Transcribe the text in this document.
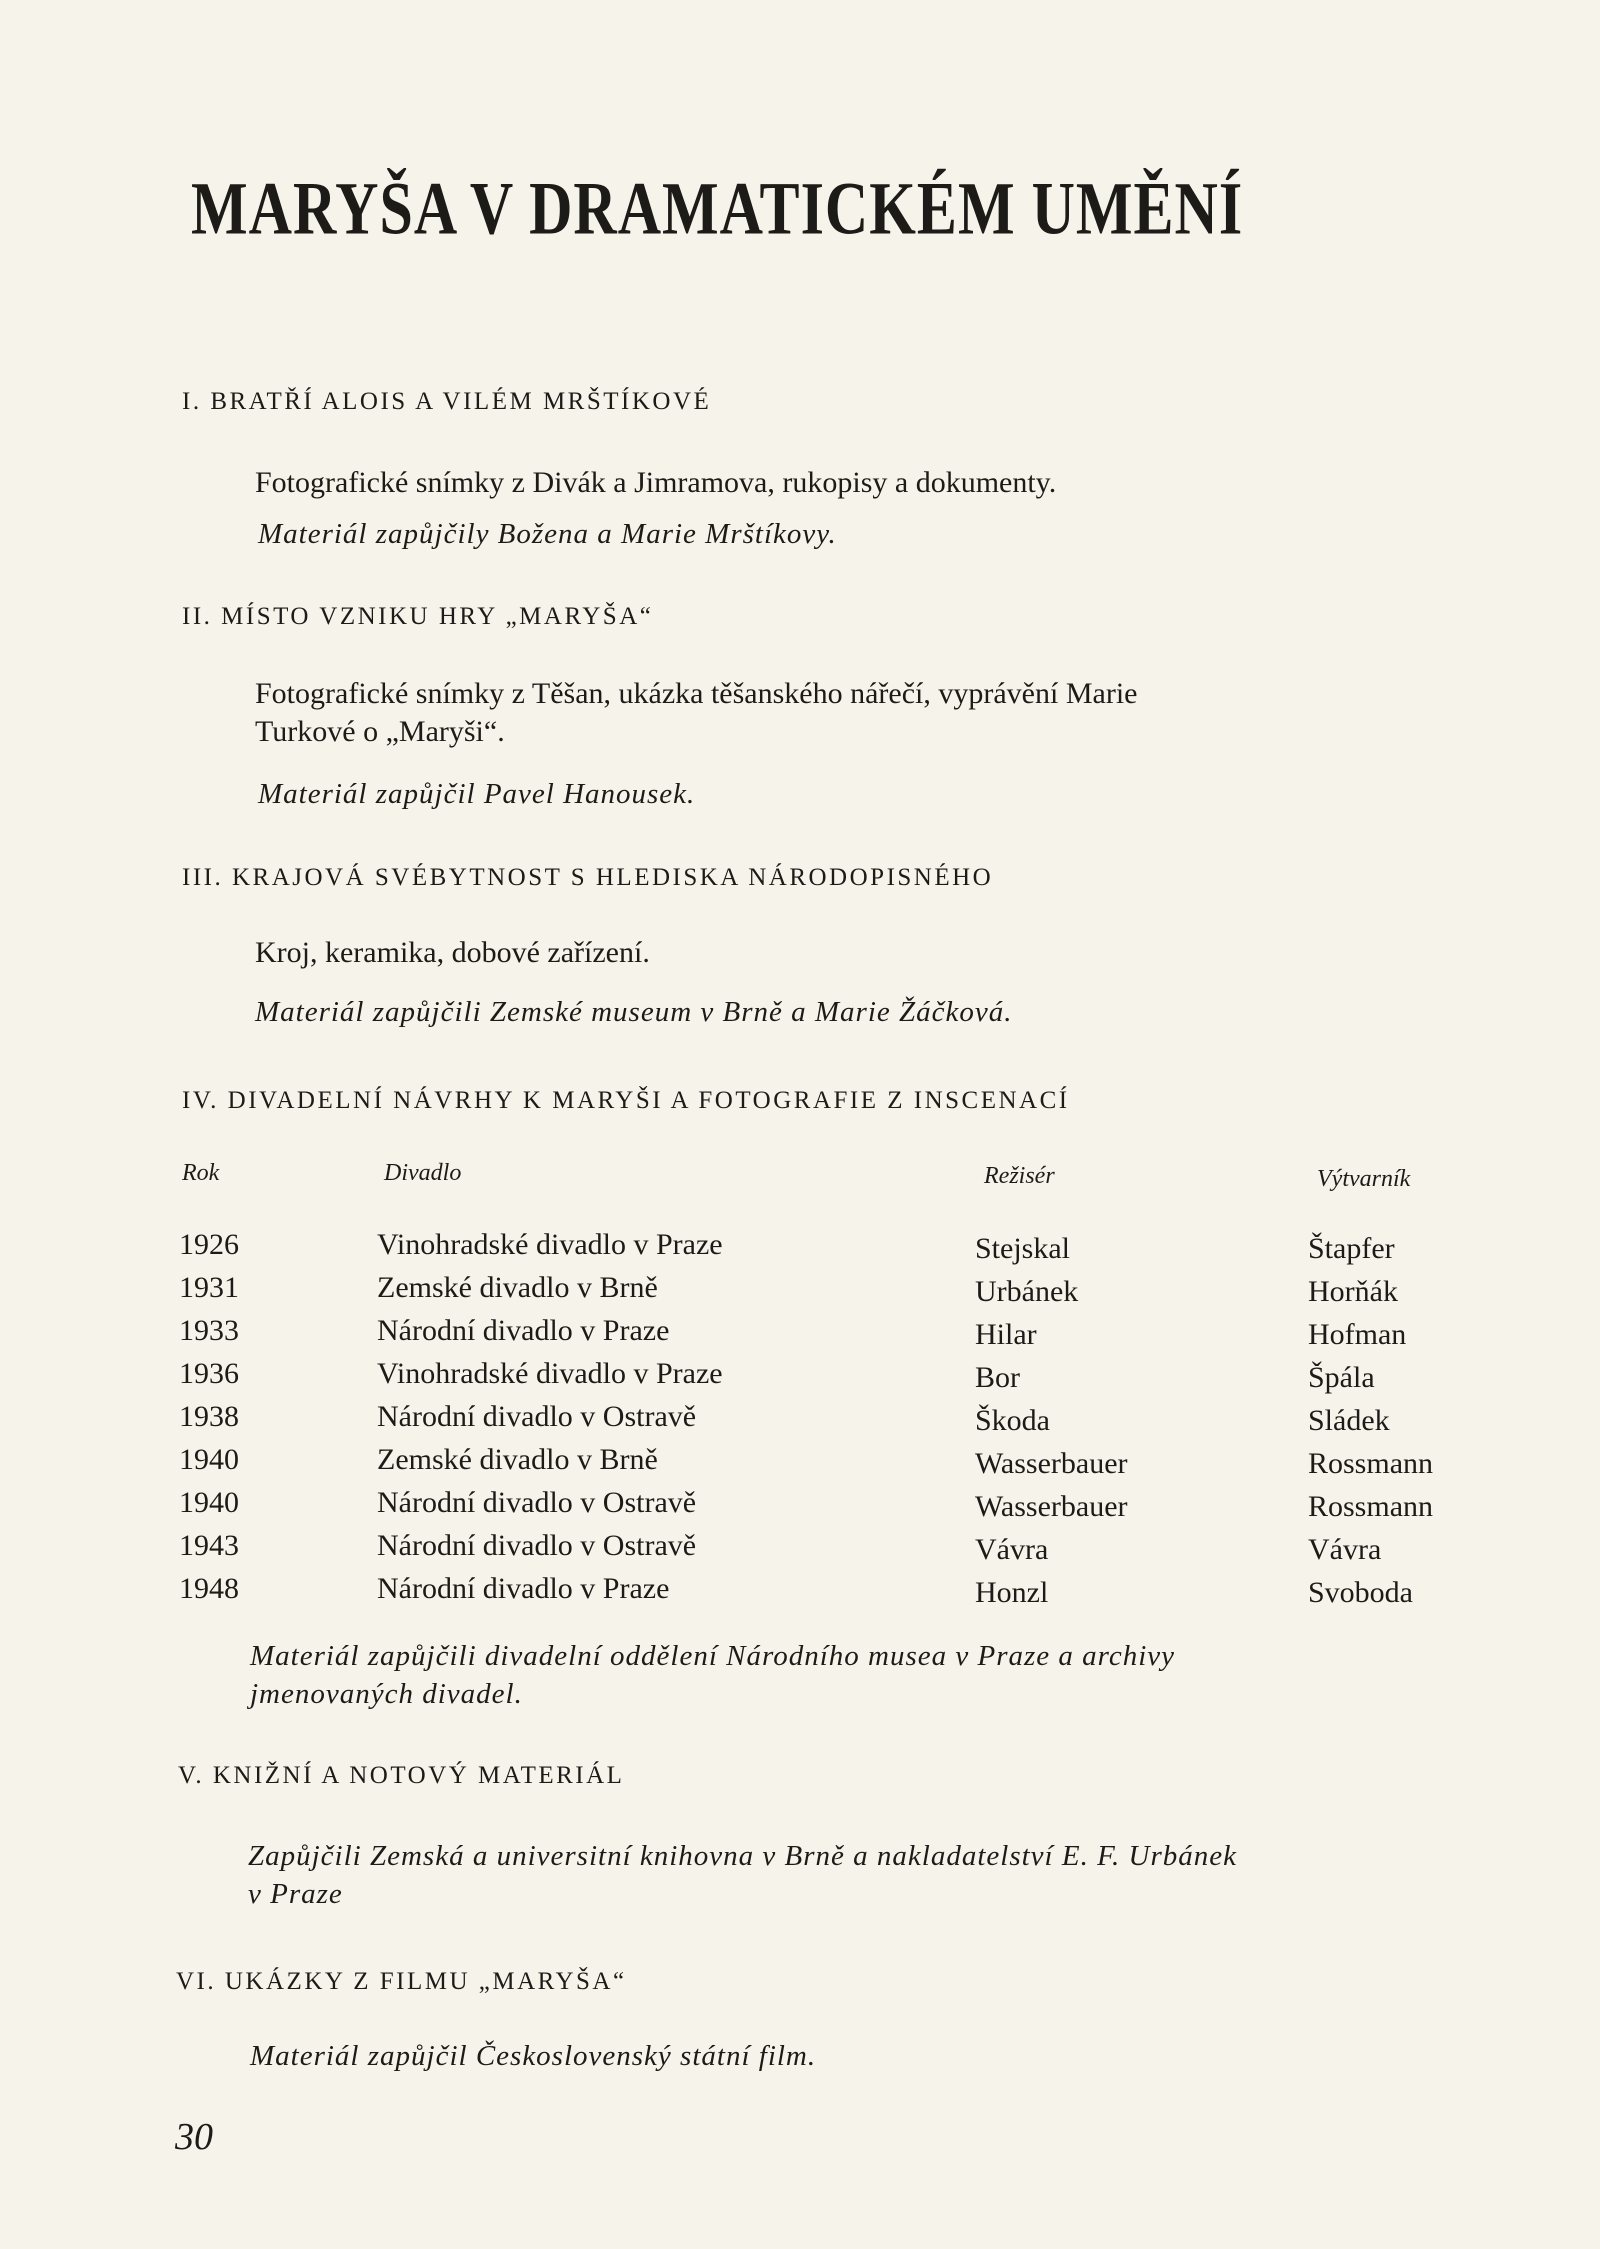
MARYŠA V DRAMATICKÉM UMĚNÍ
I. BRATŘÍ ALOIS A VILÉM MRŠTÍKOVÉ
Fotografické snímky z Divák a Jimramova, rukopisy a dokumenty.
Materiál zapůjčily Božena a Marie Mrštíkovy.
II. MÍSTO VZNIKU HRY „MARYŠA“
Fotografické snímky z Těšan, ukázka těšanského nářečí, vyprávění Marie
Turkové o „Maryši“.
Materiál zapůjčil Pavel Hanousek.
III. KRAJOVÁ SVÉBYTNOST S HLEDISKA NÁRODOPISNÉHO
Kroj, keramika, dobové zařízení.
Materiál zapůjčili Zemské museum v Brně a Marie Žáčková.
IV. DIVADELNÍ NÁVRHY K MARYŠI A FOTOGRAFIE Z INSCENACÍ
Rok	Divadlo	Režisér	Výtvarník
1926	Vinohradské divadlo v Praze	Stejskal	Štapfer
1931	Zemské divadlo v Brně	Urbánek	Horňák
1933	Národní divadlo v Praze	Hilar	Hofman
1936	Vinohradské divadlo v Praze	Bor	Špála
1938	Národní divadlo v Ostravě	Škoda	Sládek
1940	Zemské divadlo v Brně	Wasserbauer	Rossmann
1940	Národní divadlo v Ostravě	Wasserbauer	Rossmann
1943	Národní divadlo v Ostravě	Vávra	Vávra
1948	Národní divadlo v Praze	Honzl	Svoboda
Materiál zapůjčili divadelní oddělení Národního musea v Praze a archivy
jmenovaných divadel.
V. KNIŽNÍ A NOTOVÝ MATERIÁL
Zapůjčili Zemská a universitní knihovna v Brně a nakladatelství E. F. Urbánek
v Praze
VI. UKÁZKY Z FILMU „MARYŠA“
Materiál zapůjčil Československý státní film.
30
